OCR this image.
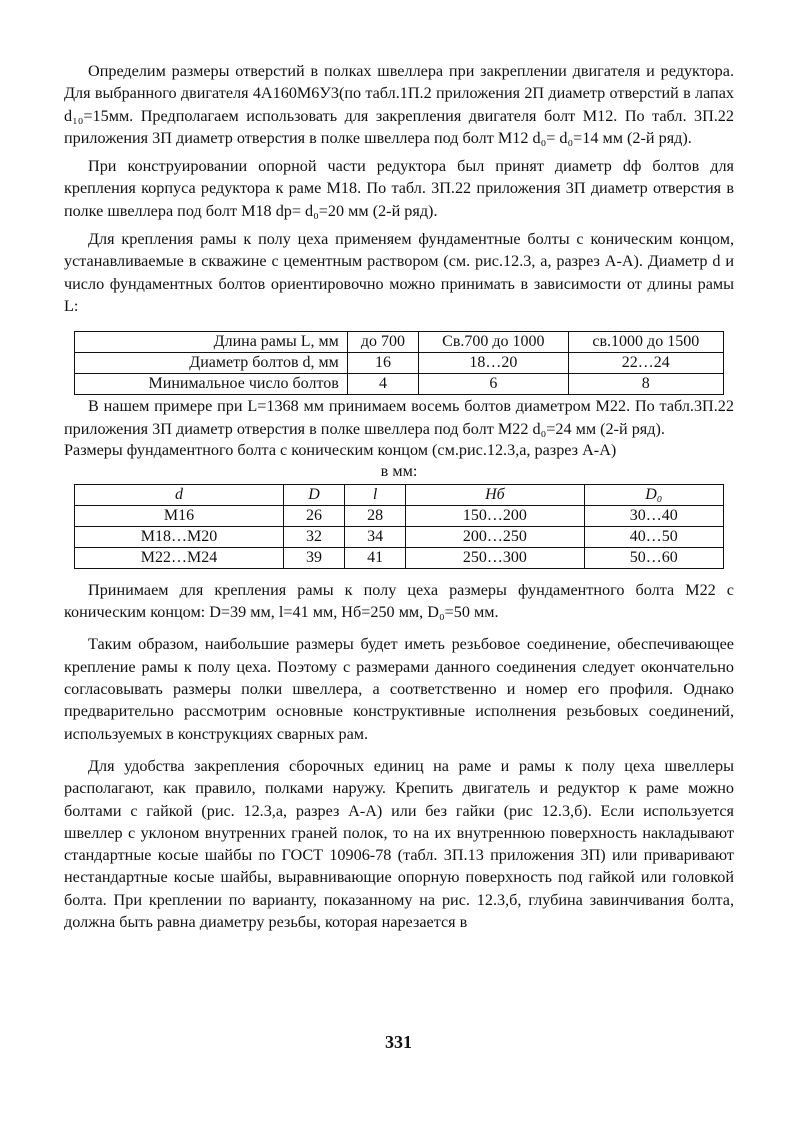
Определим размеры отверстий в полках швеллера при закреплении двигателя и редуктора. Для выбранного двигателя 4А160М6У3(по табл.1П.2 приложения 2П диаметр отверстий в лапах d₁₀=15мм. Предполагаем использовать для закрепления двигателя болт М12. По табл. 3П.22 приложения 3П диаметр отверстия в полке швеллера под болт М12 d₀= d₀=14 мм (2-й ряд).

При конструировании опорной части редуктора был принят диаметр dф болтов для крепления корпуса редуктора к раме М18. По табл. 3П.22 приложения 3П диаметр отверстия в полке швеллера под болт М18 dр= d₀=20 мм (2-й ряд).

Для крепления рамы к полу цеха применяем фундаментные болты с коническим концом, устанавливаемые в скважине с цементным раствором (см. рис.12.3, а, разрез А-А). Диаметр d и число фундаментных болтов ориентировочно можно принимать в зависимости от длины рамы L:

Длина рамы L, мм	до 700	Св.700 до 1000	св.1000 до 1500
Диаметр болтов d, мм	16	18…20	22…24
Минимальное число болтов	4	6	8

В нашем примере при L=1368 мм принимаем восемь болтов диаметром М22. По табл.3П.22 приложения 3П диаметр отверстия в полке швеллера под болт М22 d₀=24 мм (2-й ряд).

Размеры фундаментного болта с коническим концом (см.рис.12.3,а, разрез А-А)

в мм:

d	D	l	Hб	D₀
М16	26	28	150…200	30…40
М18…М20	32	34	200…250	40…50
М22…М24	39	41	250…300	50…60

Принимаем для крепления рамы к полу цеха размеры фундаментного болта М22 с коническим концом: D=39 мм, l=41 мм, Hб=250 мм, D₀=50 мм.

Таким образом, наибольшие размеры будет иметь резьбовое соединение, обеспечивающее крепление рамы к полу цеха. Поэтому с размерами данного соединения следует окончательно согласовывать размеры полки швеллера, а соответственно и номер его профиля. Однако предварительно рассмотрим основные конструктивные исполнения резьбовых соединений, используемых в конструкциях сварных рам.

Для удобства закрепления сборочных единиц на раме и рамы к полу цеха швеллеры располагают, как правило, полками наружу. Крепить двигатель и редуктор к раме можно болтами с гайкой (рис. 12.3,а, разрез А-А) или без гайки (рис 12.3,б). Если используется швеллер с уклоном внутренних граней полок, то на их внутреннюю поверхность накладывают стандартные косые шайбы по ГОСТ 10906-78 (табл. 3П.13 приложения 3П) или приваривают нестандартные косые шайбы, выравнивающие опорную поверхность под гайкой или головкой болта. При креплении по варианту, показанному на рис. 12.3,б, глубина завинчивания болта, должна быть равна диаметру резьбы, которая нарезается в

331
